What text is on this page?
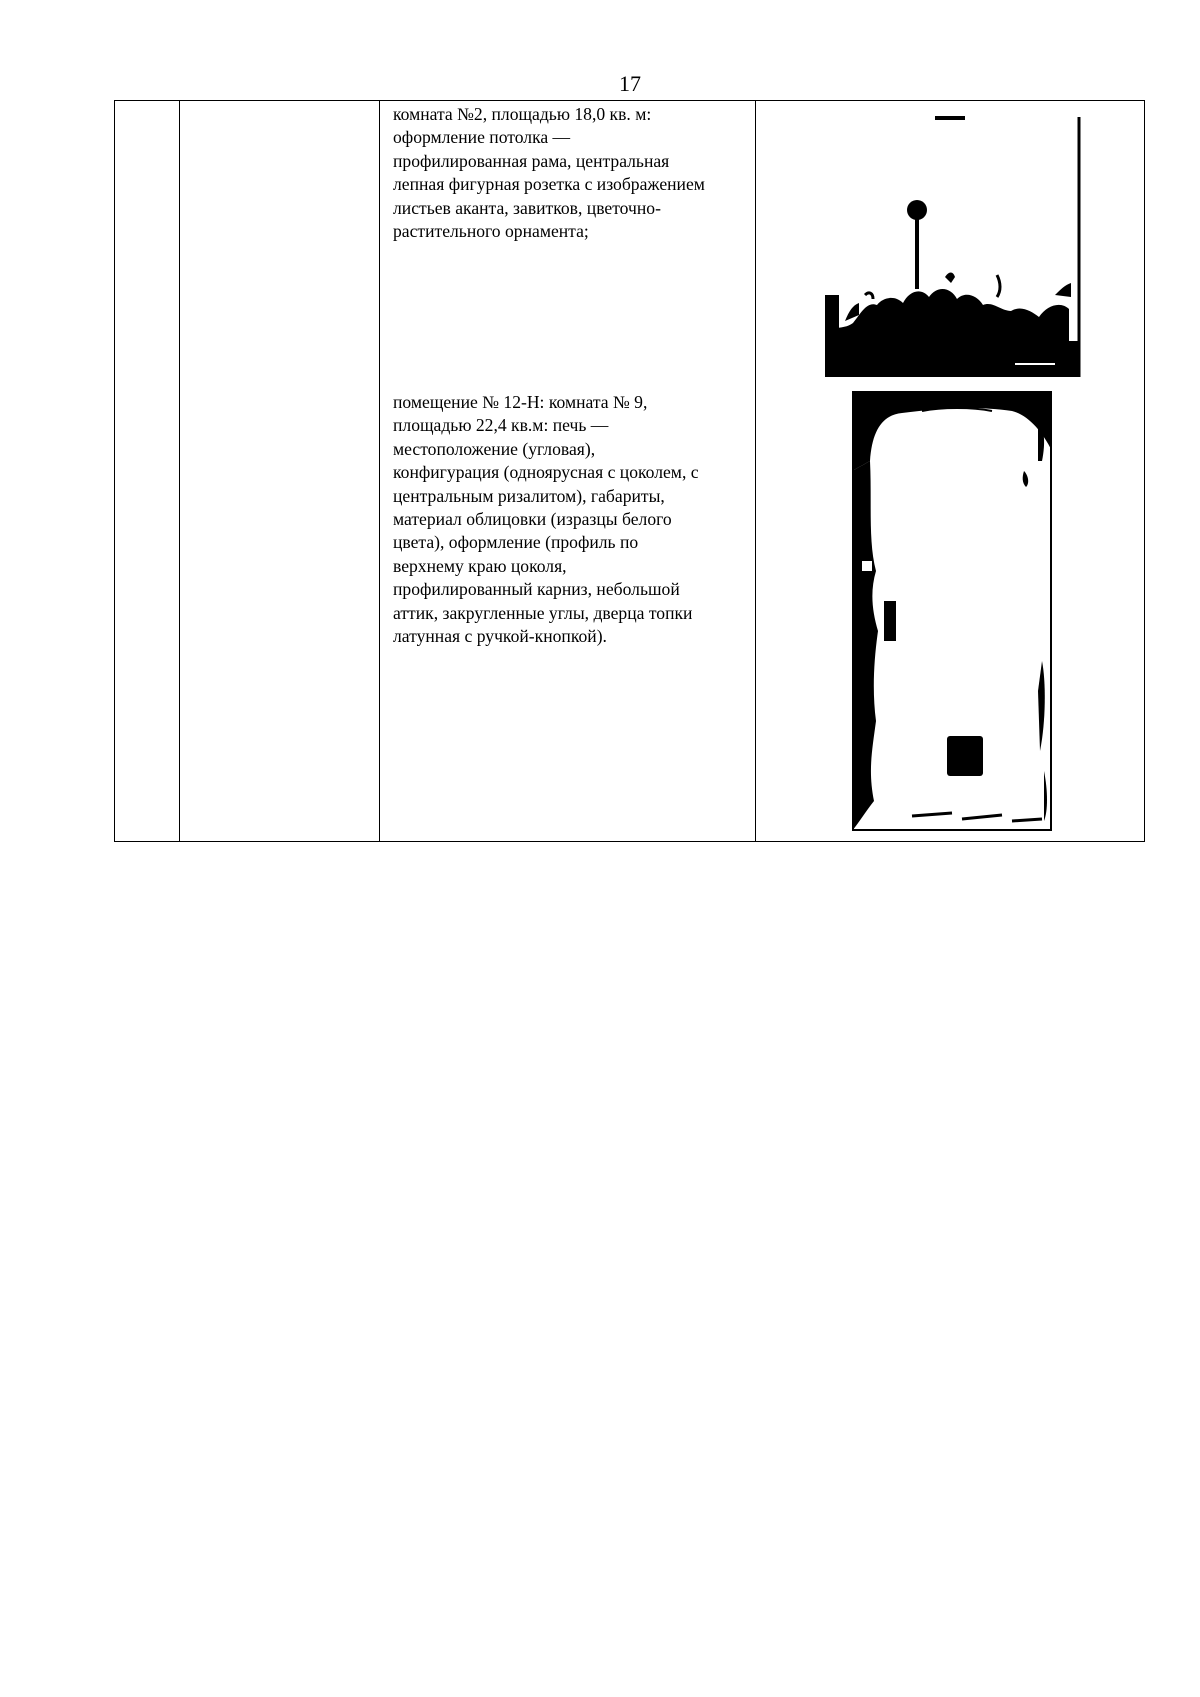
17
комната №2, площадью 18,0 кв. м:
оформление потолка —
профилированная рама, центральная
лепная фигурная розетка с изображением
листьев аканта, завитков, цветочно-
растительного орнамента;
помещение № 12-Н: комната № 9,
площадью 22,4 кв.м: печь —
местоположение (угловая),
конфигурация (одноярусная с цоколем, с
центральным ризалитом), габариты,
материал облицовки (изразцы белого
цвета), оформление (профиль по
верхнему краю цоколя,
профилированный карниз, небольшой
аттик, закругленные углы, дверца топки
латунная с ручкой-кнопкой).
